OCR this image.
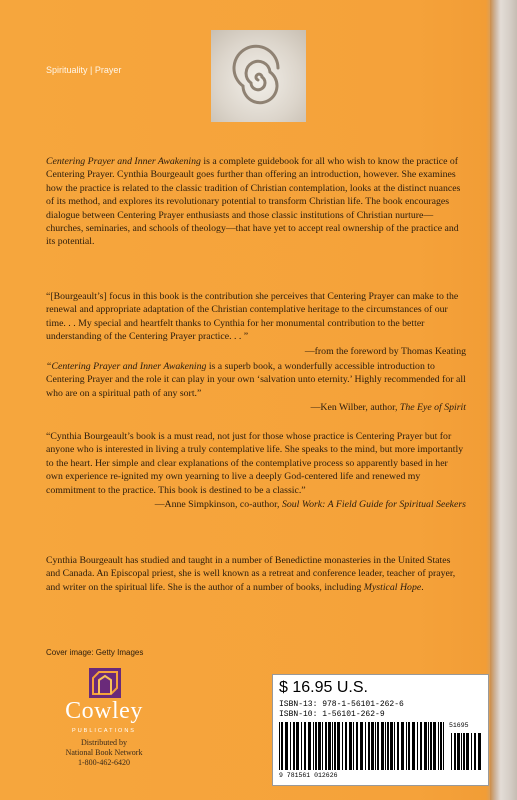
Spirituality | Prayer

Centering Prayer and Inner Awakening is a complete guidebook for all who wish to know the practice of Centering Prayer. Cynthia Bourgeault goes further than offering an introduction, however. She examines how the practice is related to the classic tradition of Christian contemplation, looks at the distinct nuances of its method, and explores its revolutionary potential to transform Christian life. The book encourages dialogue between Centering Prayer enthusiasts and those classic institutions of Christian nurture—churches, seminaries, and schools of theology—that have yet to accept real ownership of the practice and its potential.

“[Bourgeault’s] focus in this book is the contribution she perceives that Centering Prayer can make to the renewal and appropriate adaptation of the Christian contemplative heritage to the circumstances of our time. . . My special and heartfelt thanks to Cynthia for her monumental contribution to the better understanding of the Centering Prayer practice. . . ”

—from the foreword by Thomas Keating

“Centering Prayer and Inner Awakening is a superb book, a wonderfully accessible introduction to Centering Prayer and the role it can play in your own ‘salvation unto eternity.’ Highly recommended for all who are on a spiritual path of any sort.”

—Ken Wilber, author, The Eye of Spirit

“Cynthia Bourgeault’s book is a must read, not just for those whose practice is Centering Prayer but for anyone who is interested in living a truly contemplative life. She speaks to the mind, but more importantly to the heart. Her simple and clear explanations of the contemplative process so apparently based in her own experience re-ignited my own yearning to live a deeply God-centered life and renewed my commitment to the practice. This book is destined to be a classic.”

—Anne Simpkinson, co-author, Soul Work: A Field Guide for Spiritual Seekers

Cynthia Bourgeault has studied and taught in a number of Benedictine monasteries in the United States and Canada. An Episcopal priest, she is well known as a retreat and conference leader, teacher of prayer, and writer on the spiritual life. She is the author of a number of books, including Mystical Hope.

Cover image: Getty Images
Cowley
PUBLICATIONS
Distributed by
National Book Network
1-800-462-6420
$ 16.95 U.S.
ISBN-13: 978-1-56101-262-6
ISBN-10: 1-56101-262-9
51695
9 781561 012626
